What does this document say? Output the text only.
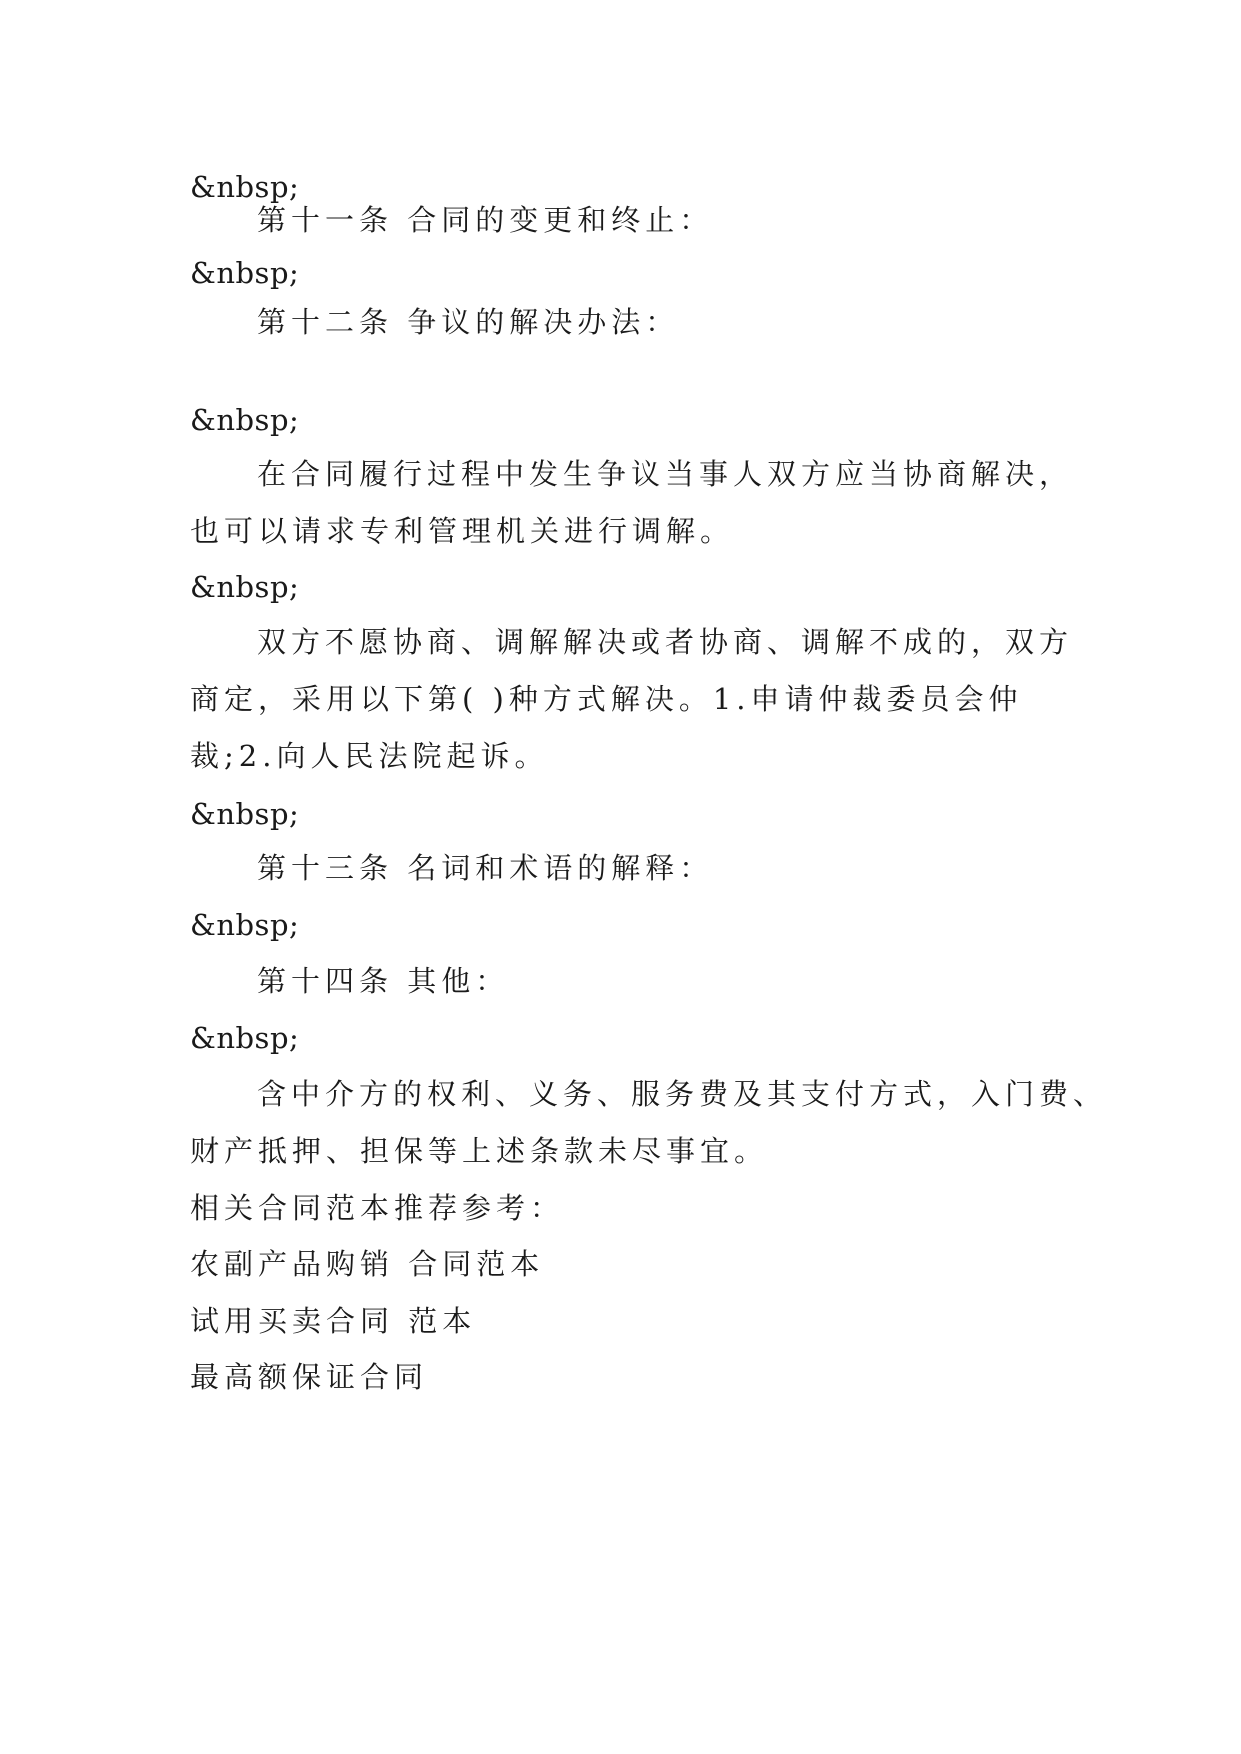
&nbsp;

第十一条 合同的变更和终止：

&nbsp;

第十二条 争议的解决办法：

&nbsp;

在合同履行过程中发生争议当事人双方应当协商解决，

也可以请求专利管理机关进行调解。

&nbsp;

双方不愿协商、调解解决或者协商、调解不成的，双方

商定，采用以下第( )种方式解决。1.申请仲裁委员会仲

裁;2.向人民法院起诉。

&nbsp;

第十三条 名词和术语的解释：

&nbsp;

第十四条 其他：

&nbsp;

含中介方的权利、义务、服务费及其支付方式，入门费、

财产抵押、担保等上述条款未尽事宜。

相关合同范本推荐参考：

农副产品购销 合同范本

试用买卖合同 范本

最高额保证合同
